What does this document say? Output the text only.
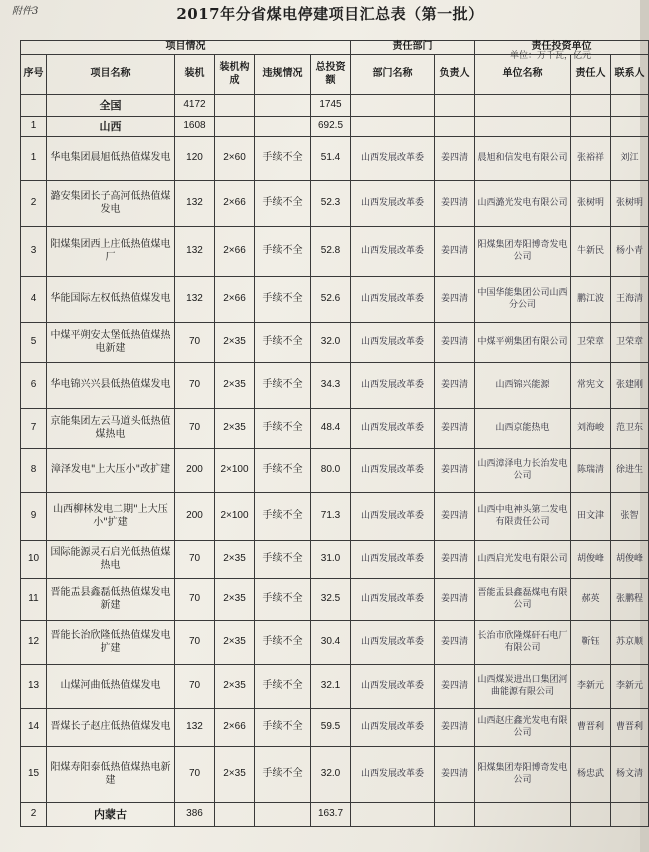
附件3	2017年分省煤电停建项目汇总表（第一批）
单位：万千瓦，亿元
项目情况						责任部门		责任投资单位		
序号	项目名称	装机	装机构成	违规情况	总投资额	部门名称	负责人	单位名称	责任人	联系人
	全国	4172			1745					
1	山西	1608			692.5					
1	华电集团晨旭低热值煤发电	120	2×60	手续不全	51.4	山西发展改革委	姜四清	晨旭和信发电有限公司	张裕祥	刘江
2	潞安集团长子高河低热值煤发电	132	2×66	手续不全	52.3	山西发展改革委	姜四清	山西潞光发电有限公司	张树明	张树明
3	阳煤集团西上庄低热值煤电厂	132	2×66	手续不全	52.8	山西发展改革委	姜四清	阳煤集团寿阳博奇发电公司	牛新民	杨小青
4	华能国际左权低热值煤发电	132	2×66	手续不全	52.6	山西发展改革委	姜四清	中国华能集团公司山西分公司	鹏江波	王海清
5	中煤平朔安太堡低热值煤热电新建	70	2×35	手续不全	32.0	山西发展改革委	姜四清	中煤平朔集团有限公司	卫荣章	卫荣章
6	华电锦兴兴县低热值煤发电	70	2×35	手续不全	34.3	山西发展改革委	姜四清	山西锦兴能源	常宪文	张建刚
7	京能集团左云马道头低热值煤热电	70	2×35	手续不全	48.4	山西发展改革委	姜四清	山西京能热电	刘海峻	范卫东
8	漳泽发电"上大压小"改扩建	200	2×100	手续不全	80.0	山西发展改革委	姜四清	山西漳泽电力长治发电公司	陈瑞清	徐进生
9	山西柳林发电二期"上大压小"扩建	200	2×100	手续不全	71.3	山西发展改革委	姜四清	山西中电神头第二发电有限责任公司	田文津	张智
10	国际能源灵石启光低热值煤热电	70	2×35	手续不全	31.0	山西发展改革委	姜四清	山西启光发电有限公司	胡俊峰	胡俊峰
11	晋能盂县鑫磊低热值煤发电新建	70	2×35	手续不全	32.5	山西发展改革委	姜四清	晋能盂县鑫磊煤电有限公司	郝英	张鹏程
12	晋能长治欣隆低热值煤发电扩建	70	2×35	手续不全	30.4	山西发展改革委	姜四清	长治市欣隆煤矸石电厂有限公司	靳钰	苏京顺
13	山煤河曲低热值煤发电	70	2×35	手续不全	32.1	山西发展改革委	姜四清	山西煤炭进出口集团河曲能源有限公司	李新元	李新元
14	晋煤长子赵庄低热值煤发电	132	2×66	手续不全	59.5	山西发展改革委	姜四清	山西赵庄鑫光发电有限公司	曹晋利	曹晋利
15	阳煤寿阳泰低热值煤热电新建	70	2×35	手续不全	32.0	山西发展改革委	姜四清	阳煤集团寿阳博奇发电公司	杨忠武	杨文清
2	内蒙古	386			163.7					
